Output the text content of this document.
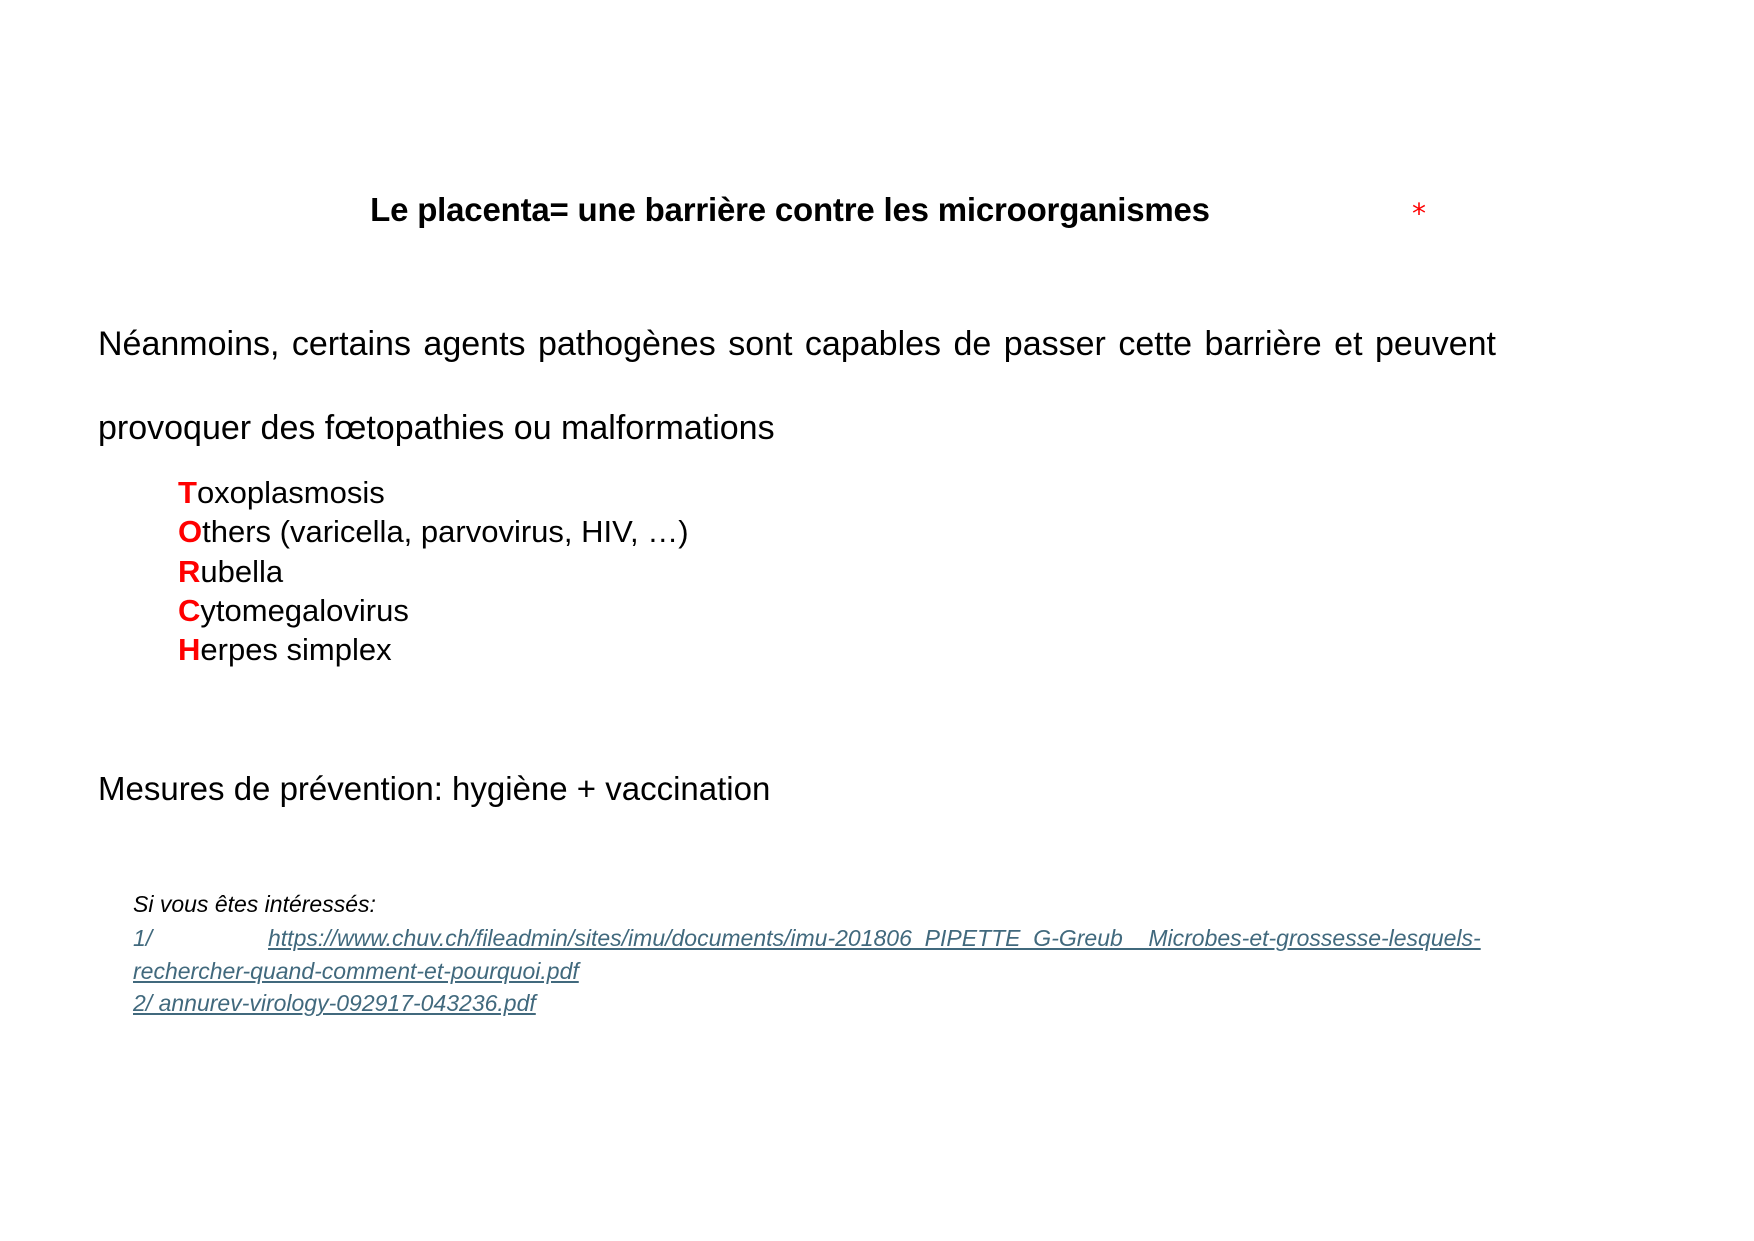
Le placenta= une barrière contre les microorganismes	*
Néanmoins, certains agents pathogènes sont capables de passer cette barrière et peuvent
provoquer des fœtopathies ou malformations
Toxoplasmosis
Others (varicella, parvovirus, HIV, …)
Rubella
Cytomegalovirus
Herpes simplex
Mesures de prévention: hygiène + vaccination
Si vous êtes intéressés:
1/	https://www.chuv.ch/fileadmin/sites/imu/documents/imu-201806_PIPETTE_G-Greub__Microbes-et-grossesse-lesquels-rechercher-quand-comment-et-pourquoi.pdf
2/ annurev-virology-092917-043236.pdf
